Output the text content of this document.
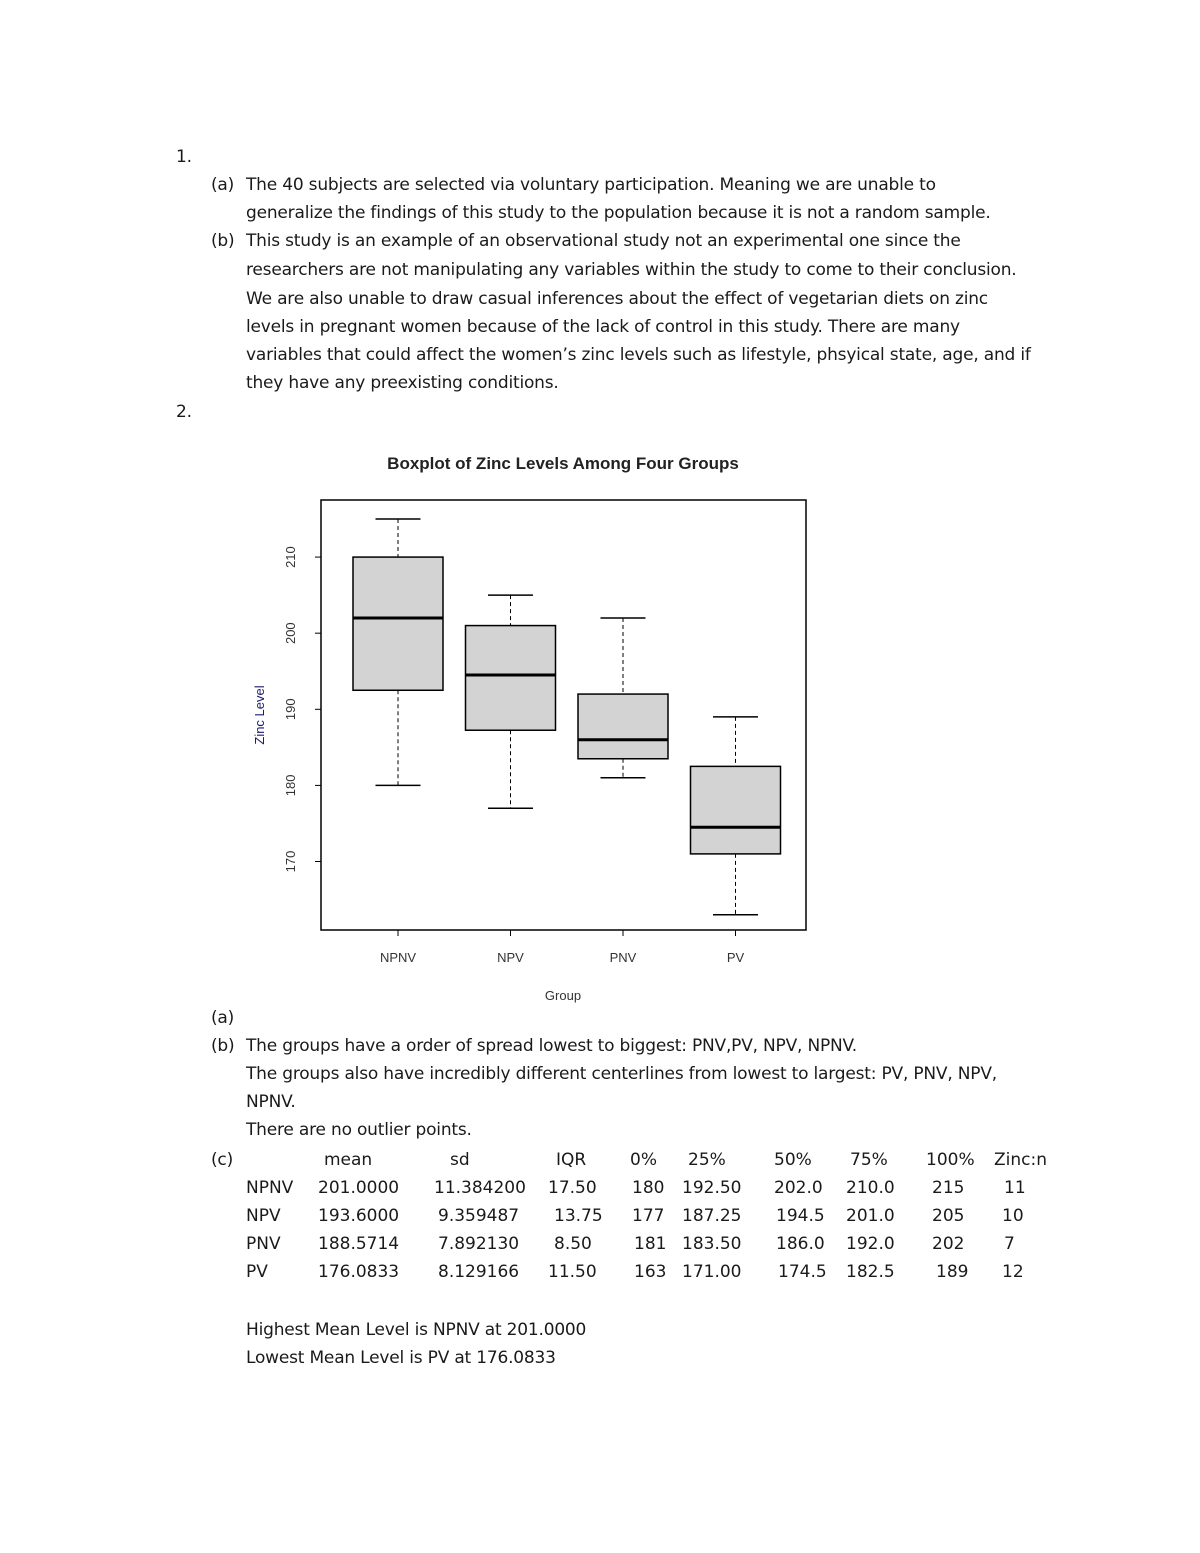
1.
(a) The 40 subjects are selected via voluntary participation. Meaning we are unable to
generalize the findings of this study to the population because it is not a random sample.
(b) This study is an example of an observational study not an experimental one since the
researchers are not manipulating any variables within the study to come to their conclusion.
We are also unable to draw casual inferences about the effect of vegetarian diets on zinc
levels in pregnant women because of the lack of control in this study. There are many
variables that could affect the women’s zinc levels such as lifestyle, phsyical state, age, and if
they have any preexisting conditions.
2.
Boxplot of Zinc Levels Among Four Groups
170
180
190
200
210
NPNV	NPV	PNV	PV
Group
Zinc Level
(a)
(b) The groups have a order of spread lowest to biggest: PNV,PV, NPV, NPNV.
The groups also have incredibly different centerlines from lowest to largest: PV, PNV, NPV,
NPNV.
There are no outlier points.
(c)
		mean	sd	IQR	0%	25%	50%	75%	100%	Zinc:n
NPNV	201.0000	11.384200	17.50	180	192.50	202.0	210.0	215	11
NPV	193.6000	9.359487	13.75	177	187.25	194.5	201.0	205	10
PNV	188.5714	7.892130	8.50	181	183.50	186.0	192.0	202	7
PV	176.0833	8.129166	11.50	163	171.00	174.5	182.5	189	12
Highest Mean Level is NPNV at 201.0000
Lowest Mean Level is PV at 176.0833
